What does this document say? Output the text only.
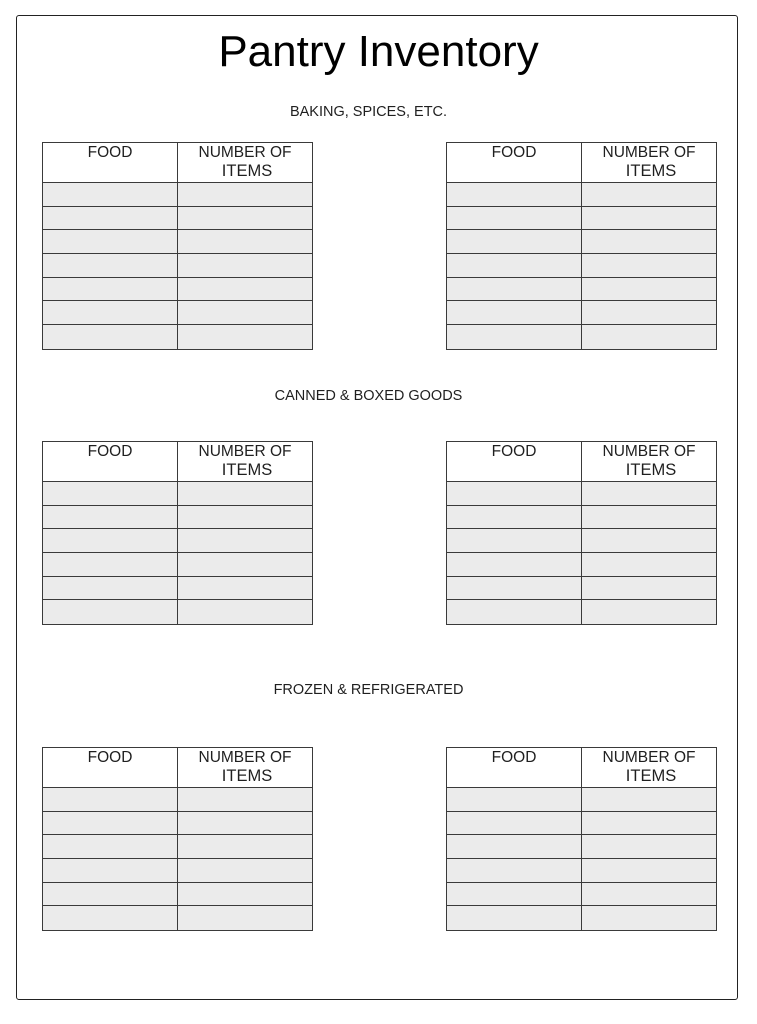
Pantry Inventory
BAKING, SPICES, ETC.
FOOD	NUMBER OF
ITEMS
FOOD	NUMBER OF
ITEMS
CANNED & BOXED GOODS
FOOD	NUMBER OF
ITEMS
FOOD	NUMBER OF
ITEMS
FROZEN & REFRIGERATED
FOOD	NUMBER OF
ITEMS
FOOD	NUMBER OF
ITEMS
